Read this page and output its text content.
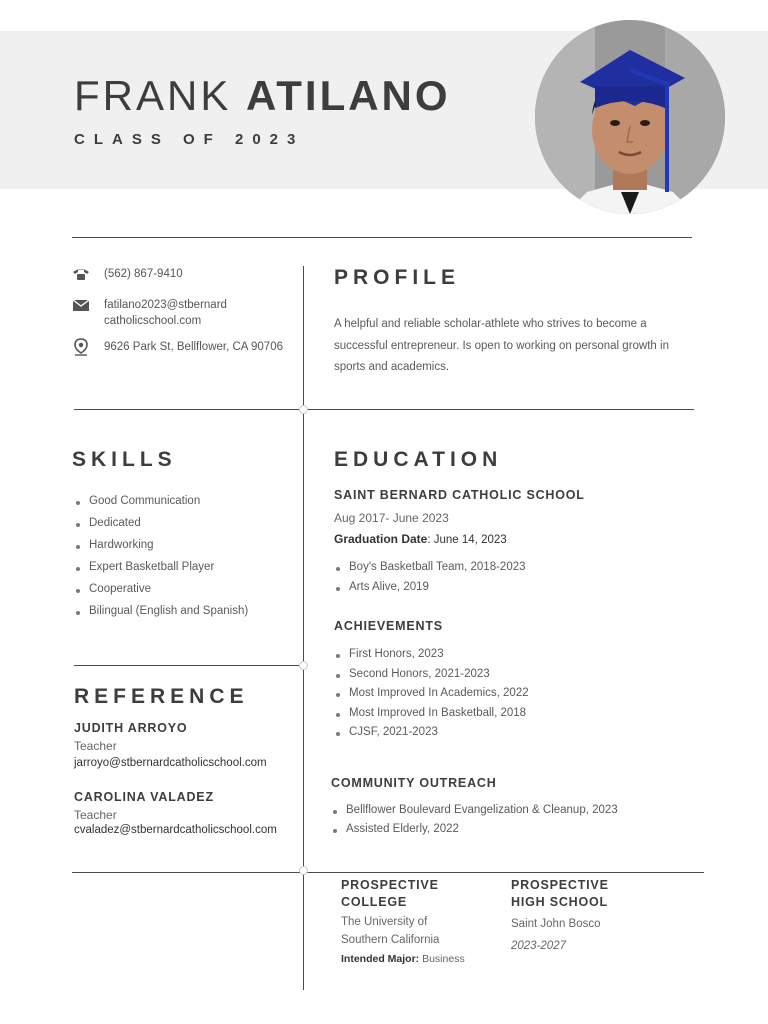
FRANK ATILANO
CLASS OF 2023
(562) 867-9410
fatilano2023@stbernard
catholicschool.com
9626 Park St, Bellflower, CA 90706
PROFILE
A helpful and reliable scholar-athlete who strives to become a successful entrepreneur. Is open to working on personal growth in sports and academics.
SKILLS
Good Communication
Dedicated
Hardworking
Expert Basketball Player
Cooperative
Bilingual (English and Spanish)
REFERENCE
JUDITH ARROYO
Teacher
jarroyo@stbernardcatholicschool.com
CAROLINA VALADEZ
Teacher
cvaladez@stbernardcatholicschool.com
EDUCATION
SAINT BERNARD CATHOLIC SCHOOL
Aug 2017- June 2023
Graduation Date: June 14, 2023
Boy's Basketball Team, 2018-2023
Arts Alive, 2019
ACHIEVEMENTS
First Honors, 2023
Second Honors, 2021-2023
Most Improved In Academics, 2022
Most Improved In Basketball, 2018
CJSF, 2021-2023
COMMUNITY OUTREACH
Bellflower Boulevard Evangelization & Cleanup, 2023
Assisted Elderly, 2022
PROSPECTIVE
COLLEGE
The University of
Southern California
Intended Major: Business
PROSPECTIVE
HIGH SCHOOL
Saint John Bosco
2023-2027
